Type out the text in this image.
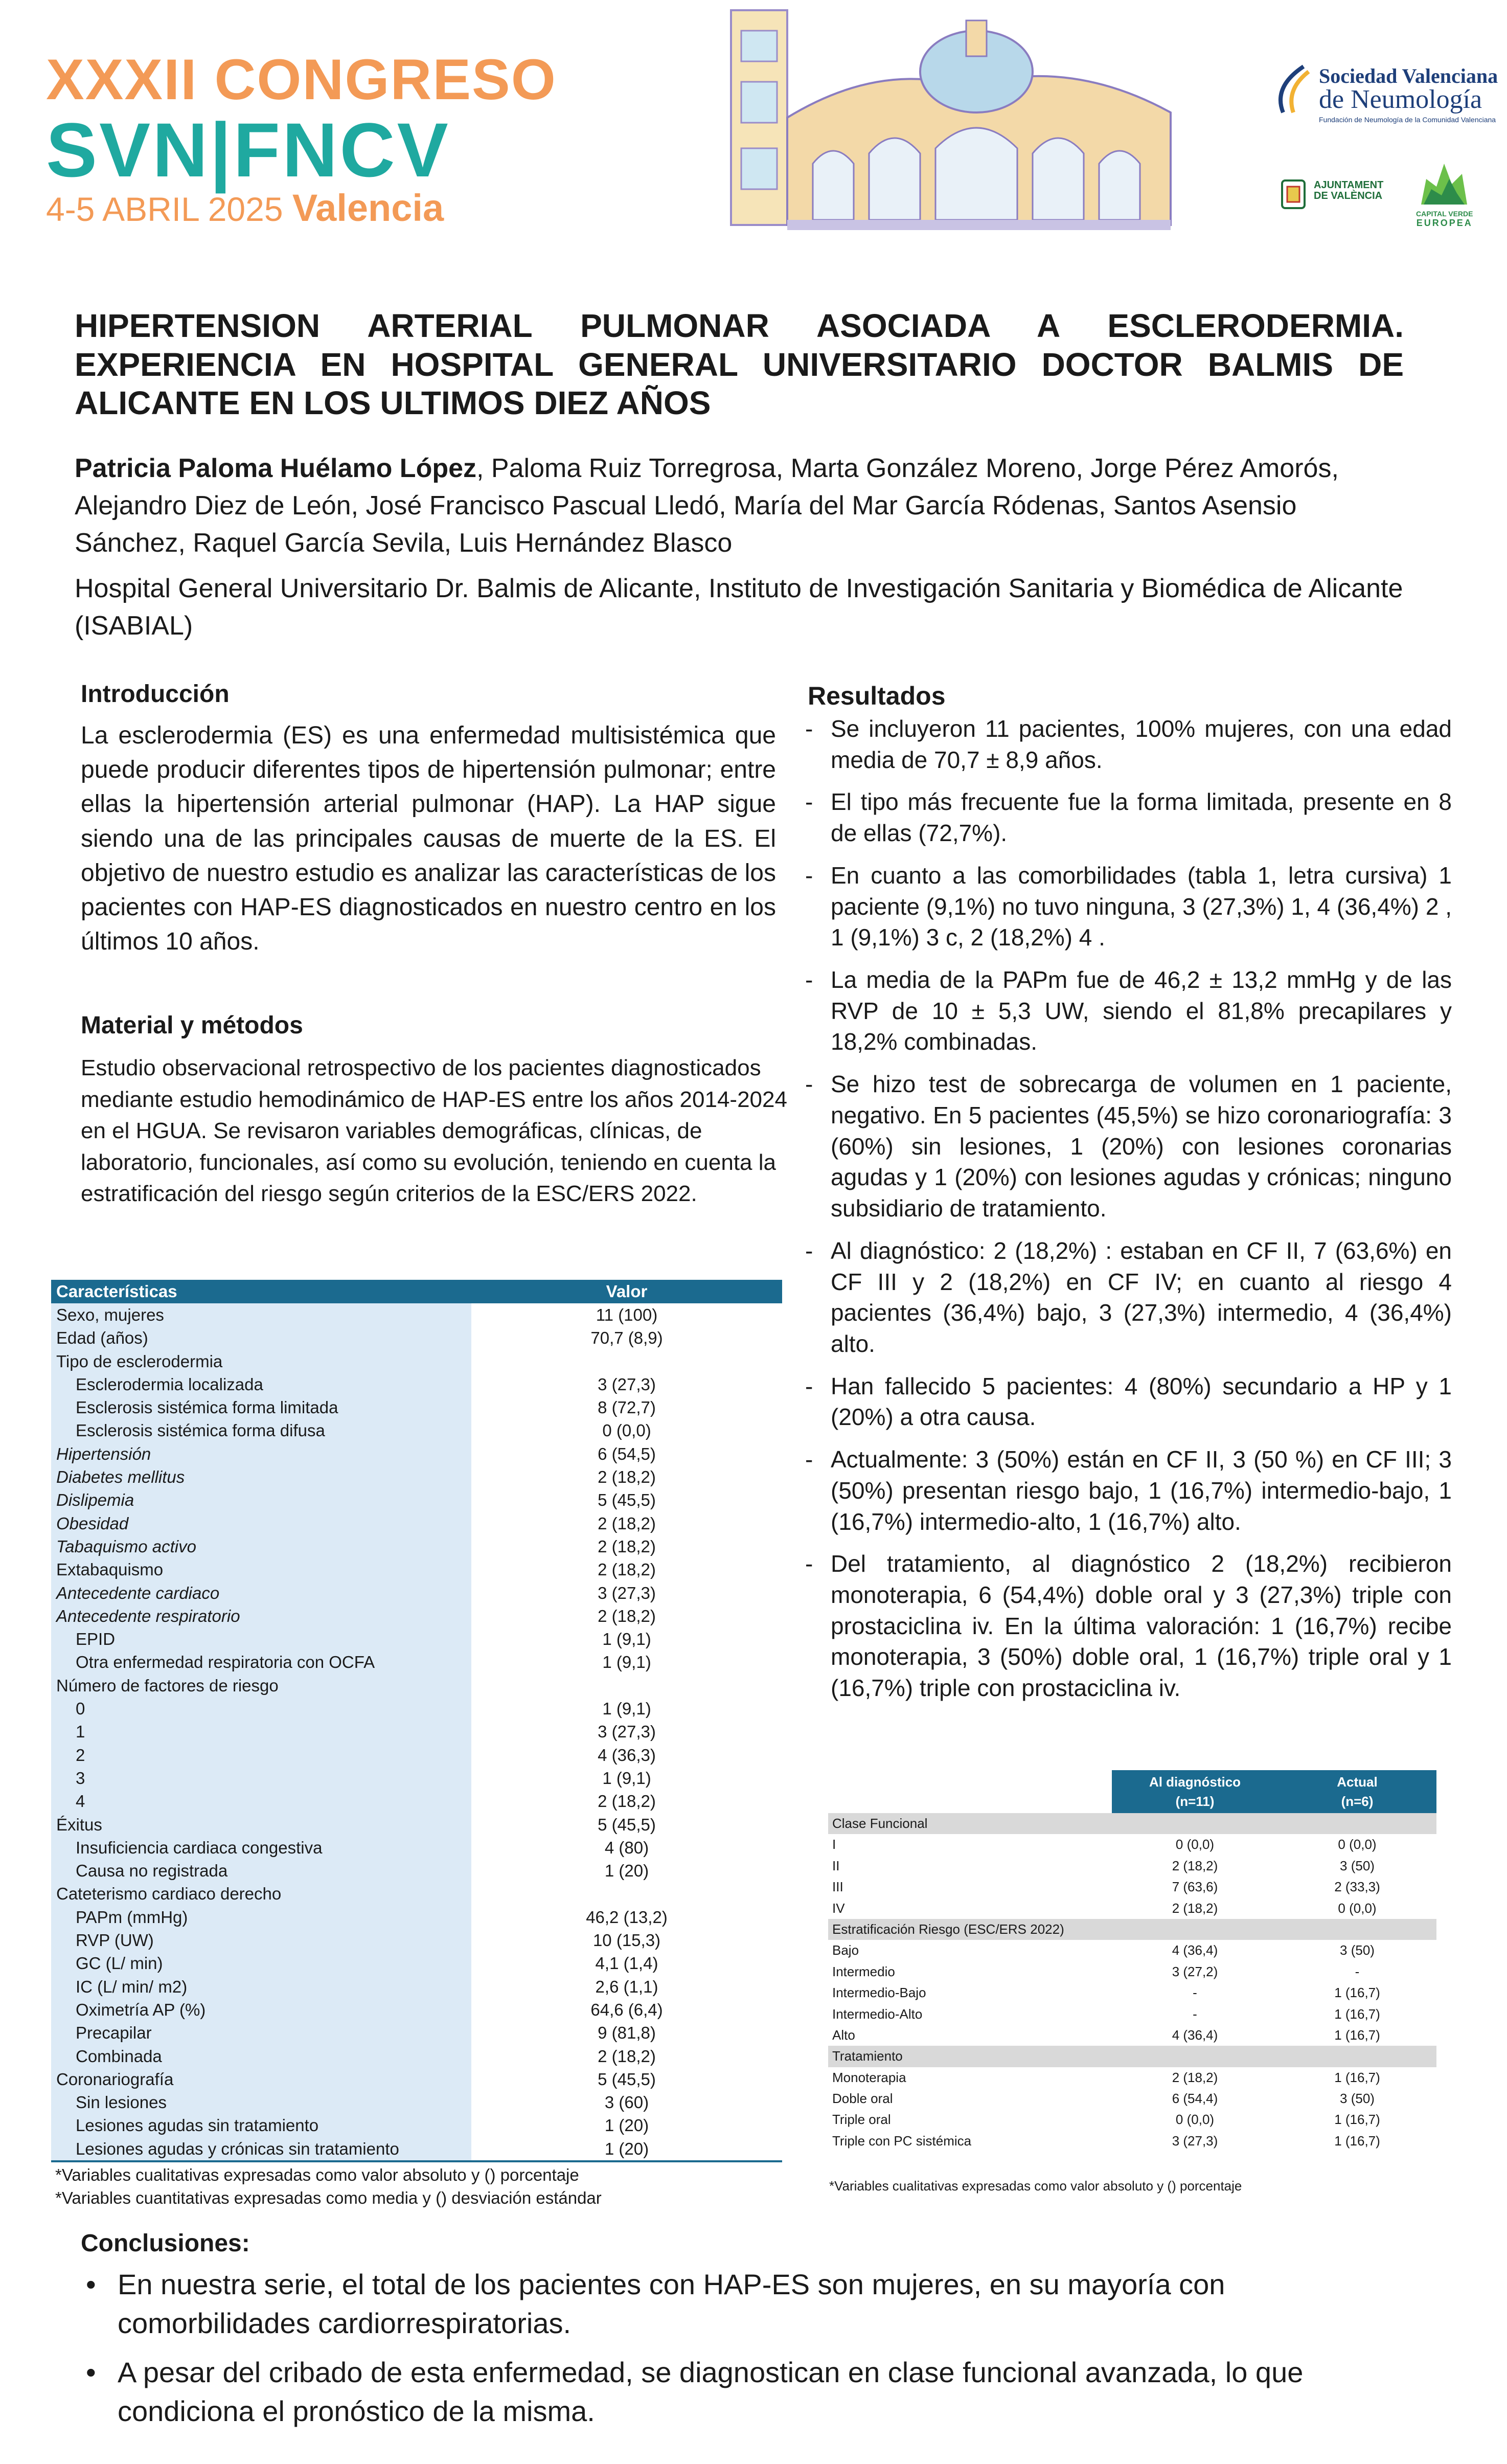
XXXII CONGRESO
SVN|FNCV
4-5 ABRIL 2025 Valencia
Sociedad Valenciana
de Neumología
Fundación de Neumología de la Comunidad Valenciana
AJUNTAMENT
DE VALÈNCIA
CAPITAL VERDE
EUROPEA
HIPERTENSION ARTERIAL PULMONAR ASOCIADA A ESCLERODERMIA. EXPERIENCIA EN HOSPITAL GENERAL UNIVERSITARIO DOCTOR BALMIS DE ALICANTE EN LOS ULTIMOS DIEZ AÑOS
Patricia Paloma Huélamo López, Paloma Ruiz Torregrosa, Marta González Moreno, Jorge Pérez Amorós, Alejandro Diez de León, José Francisco Pascual Lledó, María del Mar García Ródenas, Santos Asensio Sánchez, Raquel García Sevila, Luis Hernández Blasco
Hospital General Universitario Dr. Balmis de Alicante, Instituto de Investigación Sanitaria y Biomédica de Alicante (ISABIAL)
Introducción
La esclerodermia (ES) es una enfermedad multisistémica que puede producir diferentes tipos de hipertensión pulmonar; entre ellas la hipertensión arterial pulmonar (HAP). La HAP sigue siendo una de las principales causas de muerte de la ES. El objetivo de nuestro estudio es analizar las características de los pacientes con HAP-ES diagnosticados en nuestro centro en los últimos 10 años.
Material y métodos
Estudio observacional retrospectivo de los pacientes diagnosticados mediante estudio hemodinámico de HAP-ES entre los años 2014-2024 en el HGUA. Se revisaron variables demográficas, clínicas, de laboratorio, funcionales, así como su evolución, teniendo en cuenta la estratificación del riesgo según criterios de la ESC/ERS 2022.
Resultados
- Se incluyeron 11 pacientes, 100% mujeres, con una edad media de 70,7 ± 8,9 años.
- El tipo más frecuente fue la forma limitada, presente en 8 de ellas (72,7%).
- En cuanto a las comorbilidades (tabla 1, letra cursiva) 1 paciente (9,1%) no tuvo ninguna, 3 (27,3%) 1, 4 (36,4%) 2 , 1 (9,1%) 3 c, 2 (18,2%) 4 .
- La media de la PAPm fue de 46,2 ± 13,2 mmHg y de las RVP de 10 ± 5,3 UW, siendo el 81,8% precapilares y 18,2% combinadas.
- Se hizo test de sobrecarga de volumen en 1 paciente, negativo. En 5 pacientes (45,5%) se hizo coronariografía: 3 (60%) sin lesiones, 1 (20%) con lesiones coronarias agudas y 1 (20%) con lesiones agudas y crónicas; ninguno subsidiario de tratamiento.
- Al diagnóstico: 2 (18,2%) : estaban en CF II, 7 (63,6%) en CF III y 2 (18,2%) en CF IV; en cuanto al riesgo 4 pacientes (36,4%) bajo, 3 (27,3%) intermedio, 4 (36,4%) alto.
- Han fallecido 5 pacientes: 4 (80%) secundario a HP y 1 (20%) a otra causa.
- Actualmente: 3 (50%) están en CF II, 3 (50 %) en CF III; 3 (50%) presentan riesgo bajo, 1 (16,7%) intermedio-bajo, 1 (16,7%) intermedio-alto, 1 (16,7%) alto.
- Del tratamiento, al diagnóstico 2 (18,2%) recibieron monoterapia, 6 (54,4%) doble oral y 3 (27,3%) triple con prostaciclina iv. En la última valoración: 1 (16,7%) recibe monoterapia, 3 (50%) doble oral, 1 (16,7%) triple oral y 1 (16,7%) triple con prostaciclina iv.
Características	Valor
Sexo, mujeres	11 (100)
Edad (años)	70,7 (8,9)
Tipo de esclerodermia
Esclerodermia localizada	3 (27,3)
Esclerosis sistémica forma limitada	8 (72,7)
Esclerosis sistémica forma difusa	0 (0,0)
Hipertensión	6 (54,5)
Diabetes mellitus	2 (18,2)
Dislipemia	5 (45,5)
Obesidad	2 (18,2)
Tabaquismo activo	2 (18,2)
Extabaquismo	2 (18,2)
Antecedente cardiaco	3 (27,3)
Antecedente respiratorio	2 (18,2)
EPID	1 (9,1)
Otra enfermedad respiratoria con OCFA	1 (9,1)
Número de factores de riesgo
0	1 (9,1)
1	3 (27,3)
2	4 (36,3)
3	1 (9,1)
4	2 (18,2)
Éxitus	5 (45,5)
Insuficiencia cardiaca congestiva	4 (80)
Causa no registrada	1 (20)
Cateterismo cardiaco derecho
PAPm (mmHg)	46,2 (13,2)
RVP (UW)	10 (15,3)
GC (L/ min)	4,1 (1,4)
IC (L/ min/ m2)	2,6 (1,1)
Oximetría AP (%)	64,6 (6,4)
Precapilar	9 (81,8)
Combinada	2 (18,2)
Coronariografía	5 (45,5)
Sin lesiones	3 (60)
Lesiones agudas sin tratamiento	1 (20)
Lesiones agudas y crónicas sin tratamiento	1 (20)
*Variables cualitativas expresadas como valor absoluto y () porcentaje
*Variables cuantitativas expresadas como media y () desviación estándar
Al diagnóstico
(n=11)
Actual
(n=6)
Clase Funcional
I	0 (0,0)	0 (0,0)
II	2 (18,2)	3 (50)
III	7 (63,6)	2 (33,3)
IV	2 (18,2)	0 (0,0)
Estratificación Riesgo (ESC/ERS 2022)
Bajo	4 (36,4)	3 (50)
Intermedio	3 (27,2)	-
Intermedio-Bajo	-	1 (16,7)
Intermedio-Alto	-	1 (16,7)
Alto	4 (36,4)	1 (16,7)
Tratamiento
Monoterapia	2 (18,2)	1 (16,7)
Doble oral	6 (54,4)	3 (50)
Triple oral	0 (0,0)	1 (16,7)
Triple con PC sistémica	3 (27,3)	1 (16,7)
*Variables cualitativas expresadas como valor absoluto y () porcentaje
Conclusiones:
• En nuestra serie, el total de los pacientes con HAP-ES son mujeres, en su mayoría con comorbilidades cardiorrespiratorias.
• A pesar del cribado de esta enfermedad, se diagnostican en clase funcional avanzada, lo que condiciona el pronóstico de la misma.
